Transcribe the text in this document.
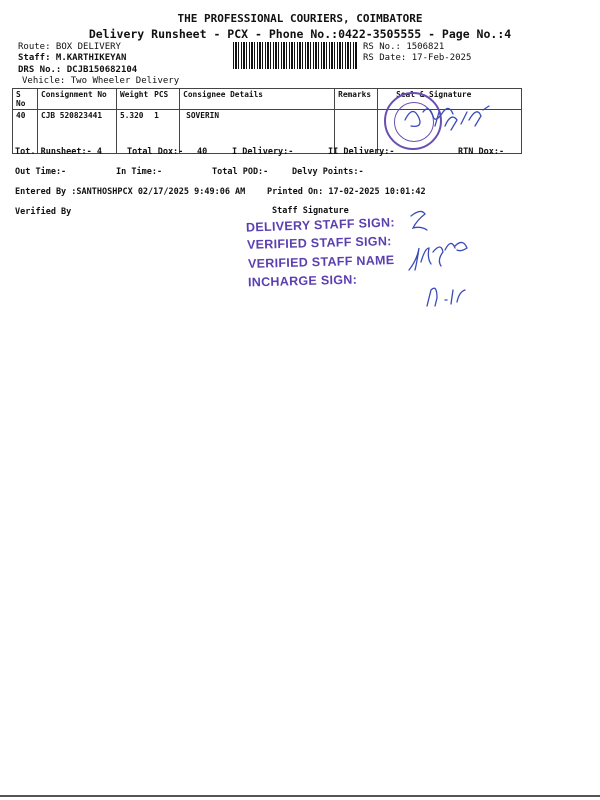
THE PROFESSIONAL COURIERS, COIMBATORE
Delivery Runsheet - PCX - Phone No.:0422-3505555 - Page No.:4
Route: BOX DELIVERY
Staff: M.KARTHIKEYAN
DRS No.: DCJB150682104
Vehicle: Two Wheeler Delivery
RS No.: 1506821
RS Date: 17-Feb-2025
S No	Consignment No	Weight	PCS	Consignee Details	Remarks	Seal & Signature
40	CJB 520823441	5.320	1	SOVERIN		
Tot. Runsheet:- 4	Total Dox:- 40	I Delivery:-	II Delivery:-	RTN Dox:-
Out Time:-	In Time:-	Total POD:-	Delvy Points:-
Entered By :SANTHOSHPCX 02/17/2025 9:49:06 AM	Printed On: 17-02-2025 10:01:42
Verified By	Staff Signature
DELIVERY STAFF SIGN:
VERIFIED STAFF SIGN:
VERIFIED STAFF NAME
INCHARGE SIGN:
